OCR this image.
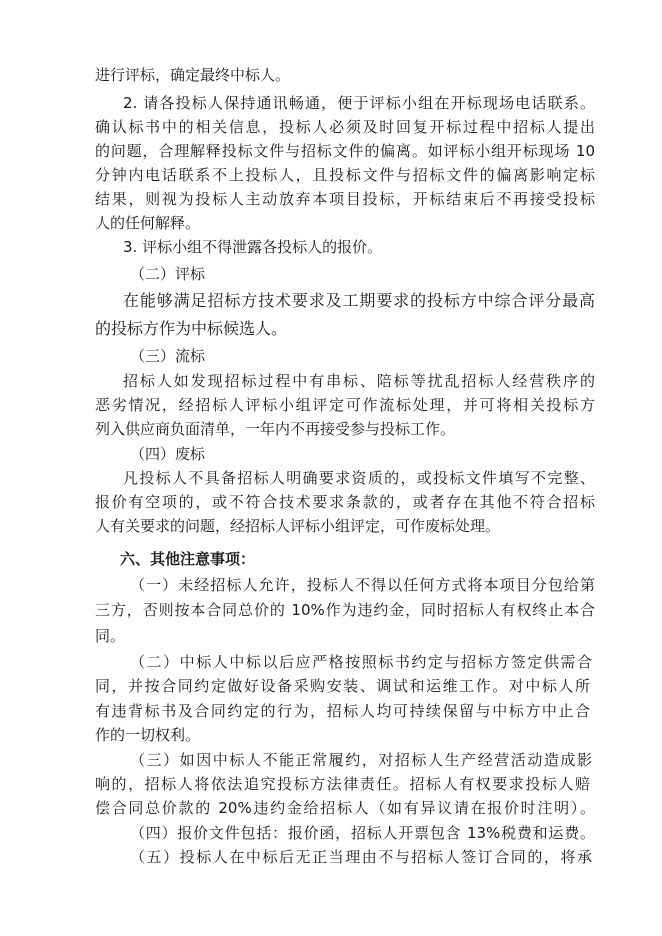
进行评标，确定最终中标人。
2. 请各投标人保持通讯畅通，便于评标小组在开标现场电话联系。
确认标书中的相关信息，投标人必须及时回复开标过程中招标人提出
的问题，合理解释投标文件与招标文件的偏离。如评标小组开标现场 10
分钟内电话联系不上投标人，且投标文件与招标文件的偏离影响定标
结果，则视为投标人主动放弃本项目投标，开标结束后不再接受投标
人的任何解释。
3. 评标小组不得泄露各投标人的报价。
（二）评标
在能够满足招标方技术要求及工期要求的投标方中综合评分最高
的投标方作为中标候选人。
（三）流标
招标人如发现招标过程中有串标、陪标等扰乱招标人经营秩序的
恶劣情况，经招标人评标小组评定可作流标处理，并可将相关投标方
列入供应商负面清单，一年内不再接受参与投标工作。
（四）废标
凡投标人不具备招标人明确要求资质的，或投标文件填写不完整、
报价有空项的，或不符合技术要求条款的，或者存在其他不符合招标
人有关要求的问题，经招标人评标小组评定，可作废标处理。
六、其他注意事项：
（一）未经招标人允许，投标人不得以任何方式将本项目分包给第
三方，否则按本合同总价的 10%作为违约金，同时招标人有权终止本合
同。
（二）中标人中标以后应严格按照标书约定与招标方签定供需合
同，并按合同约定做好设备采购安装、调试和运维工作。对中标人所
有违背标书及合同约定的行为，招标人均可持续保留与中标方中止合
作的一切权利。
（三）如因中标人不能正常履约，对招标人生产经营活动造成影
响的，招标人将依法追究投标方法律责任。招标人有权要求投标人赔
偿合同总价款的 20%违约金给招标人（如有异议请在报价时注明）。
（四）报价文件包括：报价函，招标人开票包含 13%税费和运费。
（五）投标人在中标后无正当理由不与招标人签订合同的，将承
